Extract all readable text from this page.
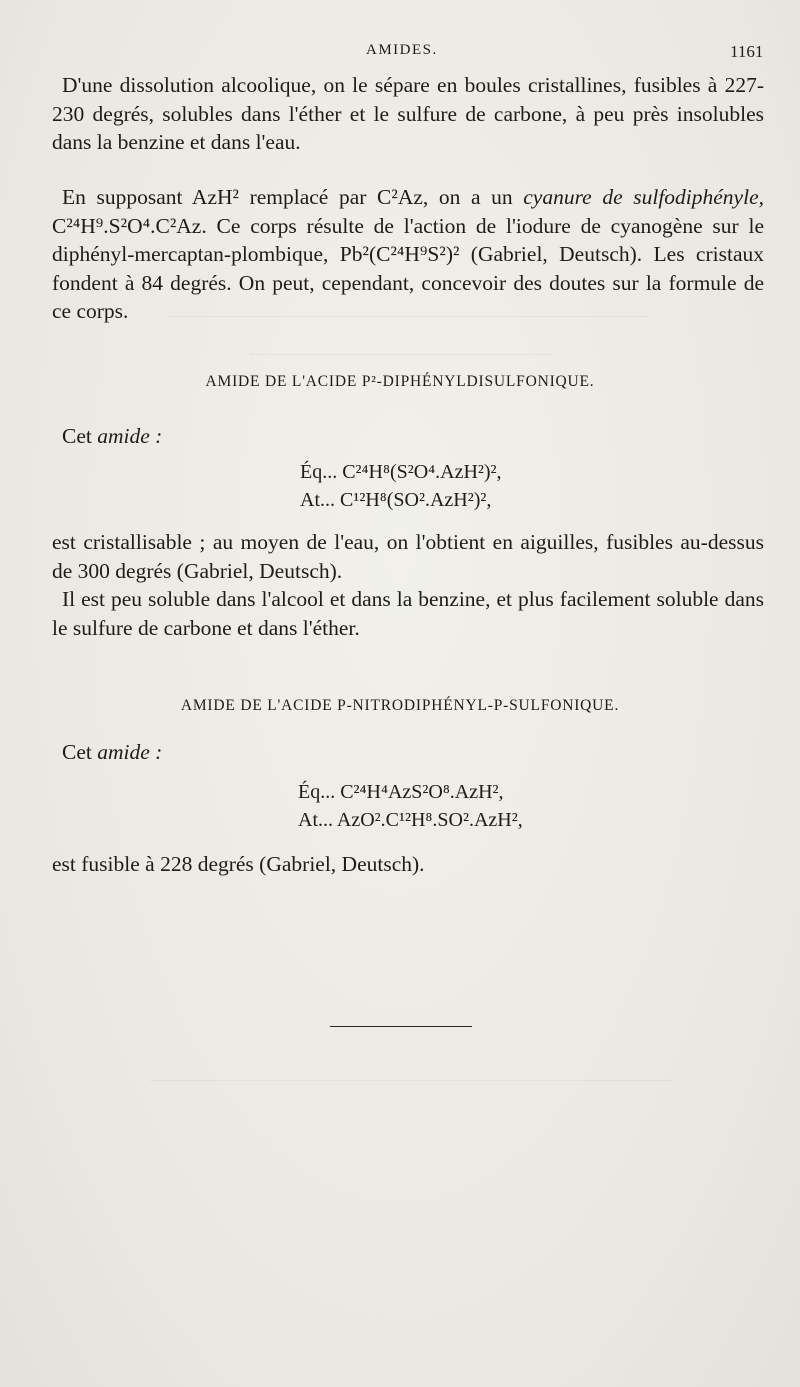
AMIDES.	1161

D'une dissolution alcoolique, on le sépare en boules cristallines, fusibles à 227-230 degrés, solubles dans l'éther et le sulfure de carbone, à peu près insolubles dans la benzine et dans l'eau.

En supposant AzH² remplacé par C²Az, on a un cyanure de sulfodiphényle, C²⁴H⁹.S²O⁴.C²Az. Ce corps résulte de l'action de l'iodure de cyanogène sur le diphényl-mercaptan-plombique, Pb²(C²⁴H⁹S²)² (Gabriel, Deutsch). Les cristaux fondent à 84 degrés. On peut, cependant, concevoir des doutes sur la formule de ce corps.

AMIDE DE L'ACIDE P²-DIPHÉNYLDISULFONIQUE.

Cet amide :

Éq... C²⁴H⁸(S²O⁴.AzH²)²,
At... C¹²H⁸(SO².AzH²)²,

est cristallisable ; au moyen de l'eau, on l'obtient en aiguilles, fusibles au-dessus de 300 degrés (Gabriel, Deutsch).

Il est peu soluble dans l'alcool et dans la benzine, et plus facilement soluble dans le sulfure de carbone et dans l'éther.

AMIDE DE L'ACIDE P-NITRODIPHÉNYL-P-SULFONIQUE.

Cet amide :

Éq... C²⁴H⁴AzS²O⁸.AzH²,
At... AzO².C¹²H⁸.SO².AzH²,

est fusible à 228 degrés (Gabriel, Deutsch).
